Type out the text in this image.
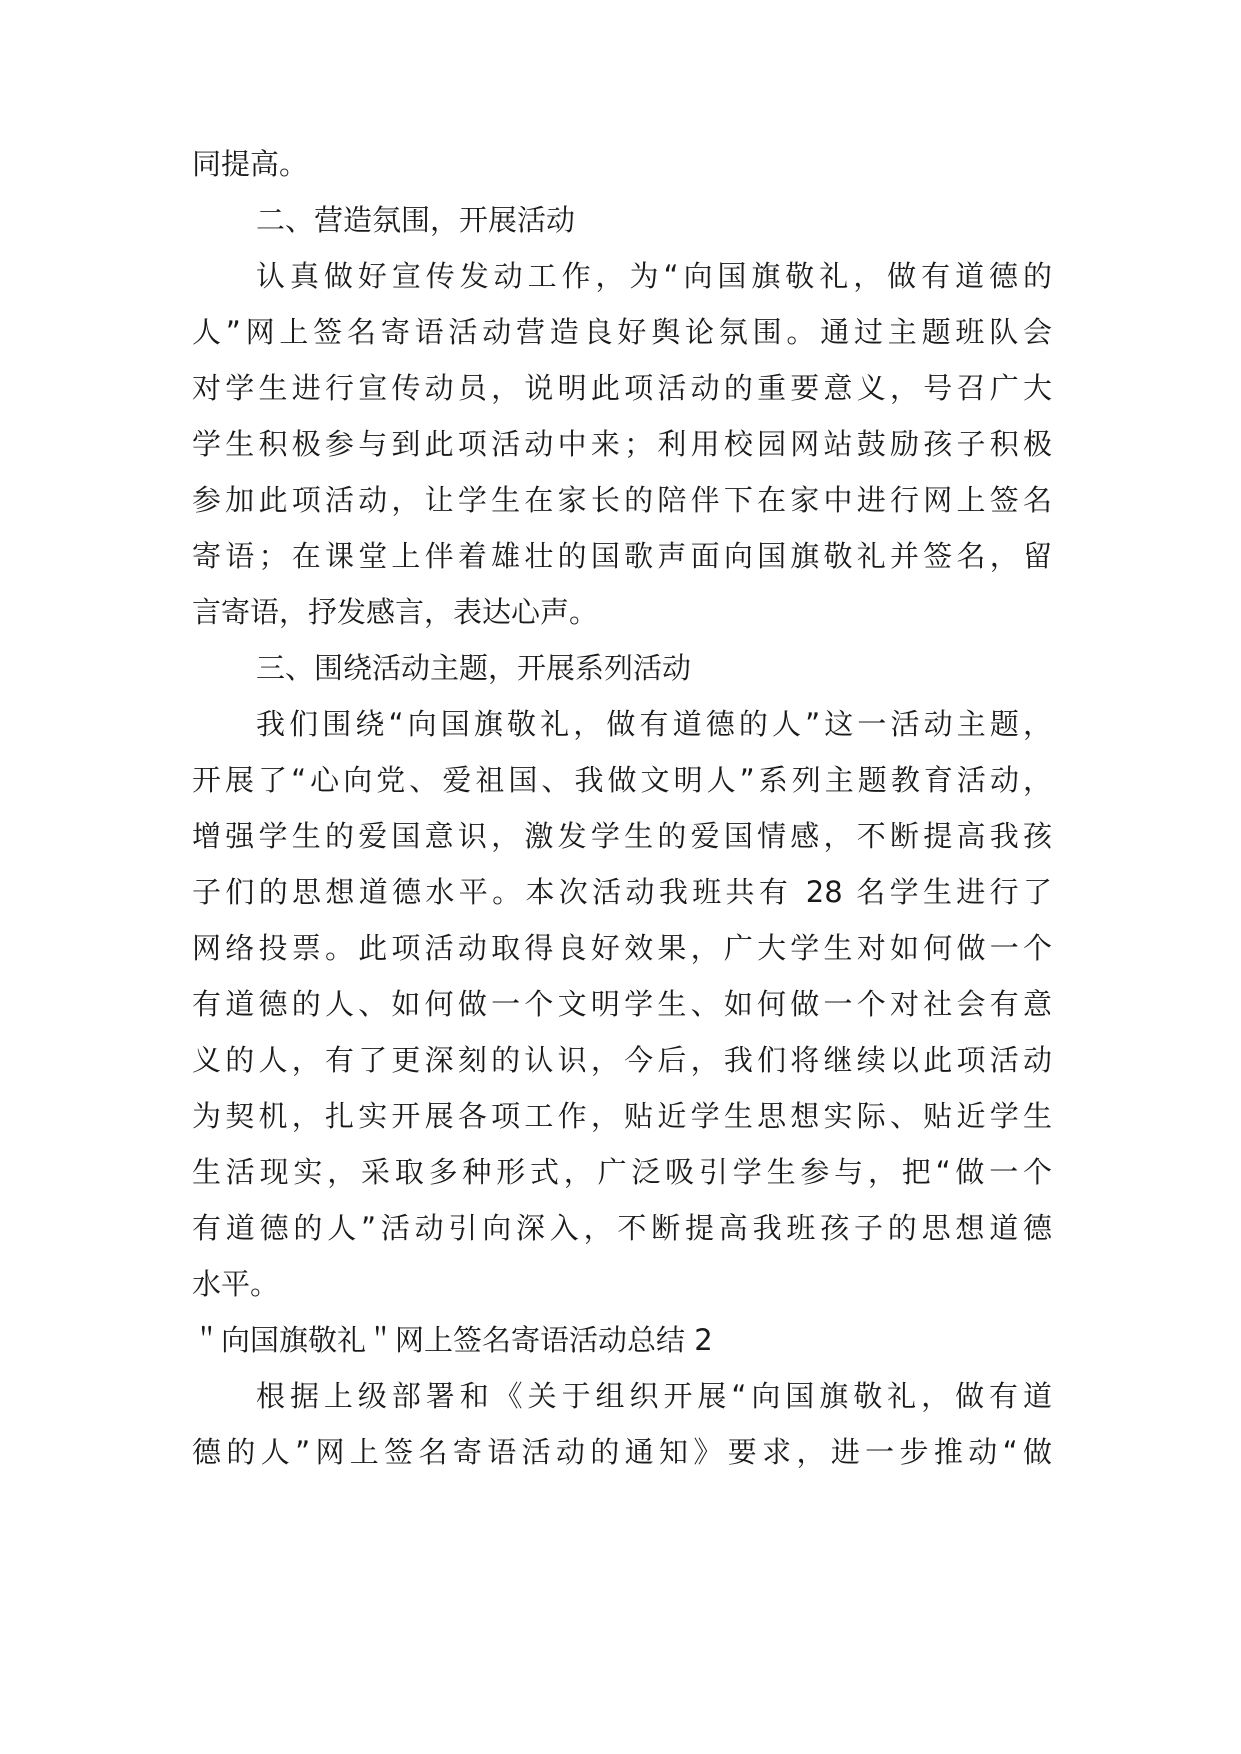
同提高。
二、营造氛围，开展活动
认真做好宣传发动工作，为“向国旗敬礼，做有道德的
人”网上签名寄语活动营造良好舆论氛围。通过主题班队会
对学生进行宣传动员，说明此项活动的重要意义，号召广大
学生积极参与到此项活动中来；利用校园网站鼓励孩子积极
参加此项活动，让学生在家长的陪伴下在家中进行网上签名
寄语；在课堂上伴着雄壮的国歌声面向国旗敬礼并签名，留
言寄语，抒发感言，表达心声。
三、围绕活动主题，开展系列活动
我们围绕“向国旗敬礼，做有道德的人”这一活动主题，
开展了“心向党、爱祖国、我做文明人”系列主题教育活动，
增强学生的爱国意识，激发学生的爱国情感，不断提高我孩
子们的思想道德水平。本次活动我班共有 28 名学生进行了
网络投票。此项活动取得良好效果，广大学生对如何做一个
有道德的人、如何做一个文明学生、如何做一个对社会有意
义的人，有了更深刻的认识，今后，我们将继续以此项活动
为契机，扎实开展各项工作，贴近学生思想实际、贴近学生
生活现实，采取多种形式，广泛吸引学生参与，把“做一个
有道德的人”活动引向深入，不断提高我班孩子的思想道德
水平。
＂向国旗敬礼＂网上签名寄语活动总结 2
根据上级部署和《关于组织开展“向国旗敬礼，做有道
德的人”网上签名寄语活动的通知》要求，进一步推动“做
